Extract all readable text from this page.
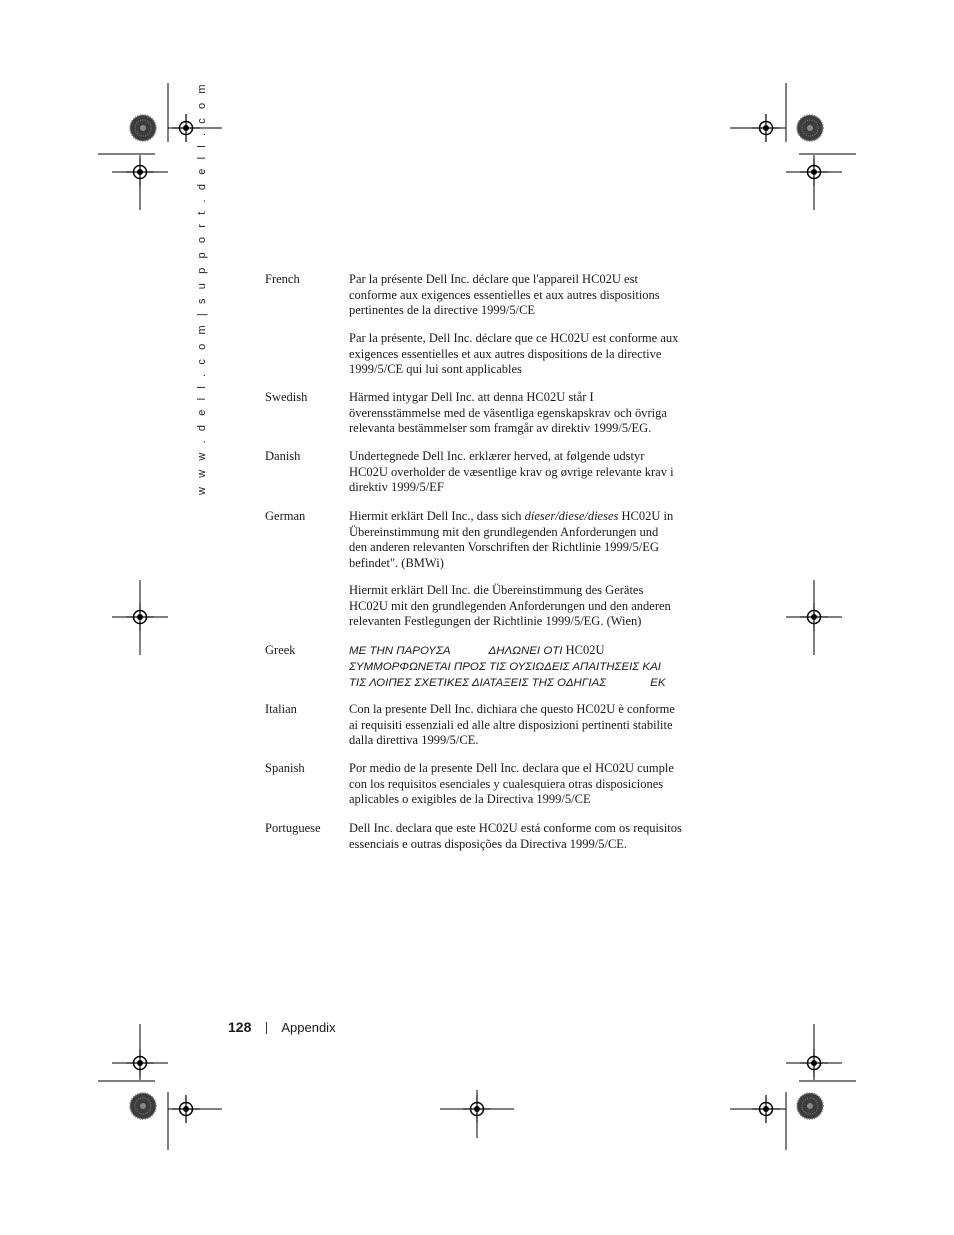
w w w . d e l l . c o m | s u p p o r t . d e l l . c o m	French	Par la présente Dell Inc. déclare que l'appareil HC02U est
conforme aux exigences essentielles et aux autres dispositions
pertinentes de la directive 1999/5/CE
Par la présente, Dell Inc. déclare que ce HC02U est conforme aux
exigences essentielles et aux autres dispositions de la directive
1999/5/CE qui lui sont applicables
Swedish	Härmed intygar Dell Inc. att denna HC02U står I
överensstämmelse med de väsentliga egenskapskrav och övriga
relevanta bestämmelser som framgår av direktiv 1999/5/EG.
Danish	Undertegnede Dell Inc. erklærer herved, at følgende udstyr
HC02U overholder de væsentlige krav og øvrige relevante krav i
direktiv 1999/5/EF
German	Hiermit erklärt Dell Inc., dass sich dieser/diese/dieses HC02U in
Übereinstimmung mit den grundlegenden Anforderungen und
den anderen relevanten Vorschriften der Richtlinie 1999/5/EG
befindet". (BMWi)
Hiermit erklärt Dell Inc. die Übereinstimmung des Gerätes
HC02U mit den grundlegenden Anforderungen und den anderen
relevanten Festlegungen der Richtlinie 1999/5/EG. (Wien)
Greek	ΜΕ ΤΗΝ ΠΑΡΟΥΣΑ	ΔΗΛΩΝΕΙ ΟΤΙ HC02U
ΣΥΜΜΟΡΦΩΝΕΤΑΙ ΠΡΟΣ ΤΙΣ ΟΥΣΙΩΔΕΙΣ ΑΠΑΙΤΗΣΕΙΣ ΚΑΙ
ΤΙΣ ΛΟΙΠΕΣ ΣΧΕΤΙΚΕΣ ΔΙΑΤΑΞΕΙΣ ΤΗΣ ΟΔΗΓΙΑΣ	ΕΚ
Italian	Con la presente Dell Inc. dichiara che questo HC02U è conforme
ai requisiti essenziali ed alle altre disposizioni pertinenti stabilite
dalla direttiva 1999/5/CE.
Spanish	Por medio de la presente Dell Inc. declara que el HC02U cumple
con los requisitos esenciales y cualesquiera otras disposiciones
aplicables o exigibles de la Directiva 1999/5/CE
Portuguese Dell Inc. declara que este HC02U está conforme com os requisitos
essenciais e outras disposições da Directiva 1999/5/CE.
128 Appendix
